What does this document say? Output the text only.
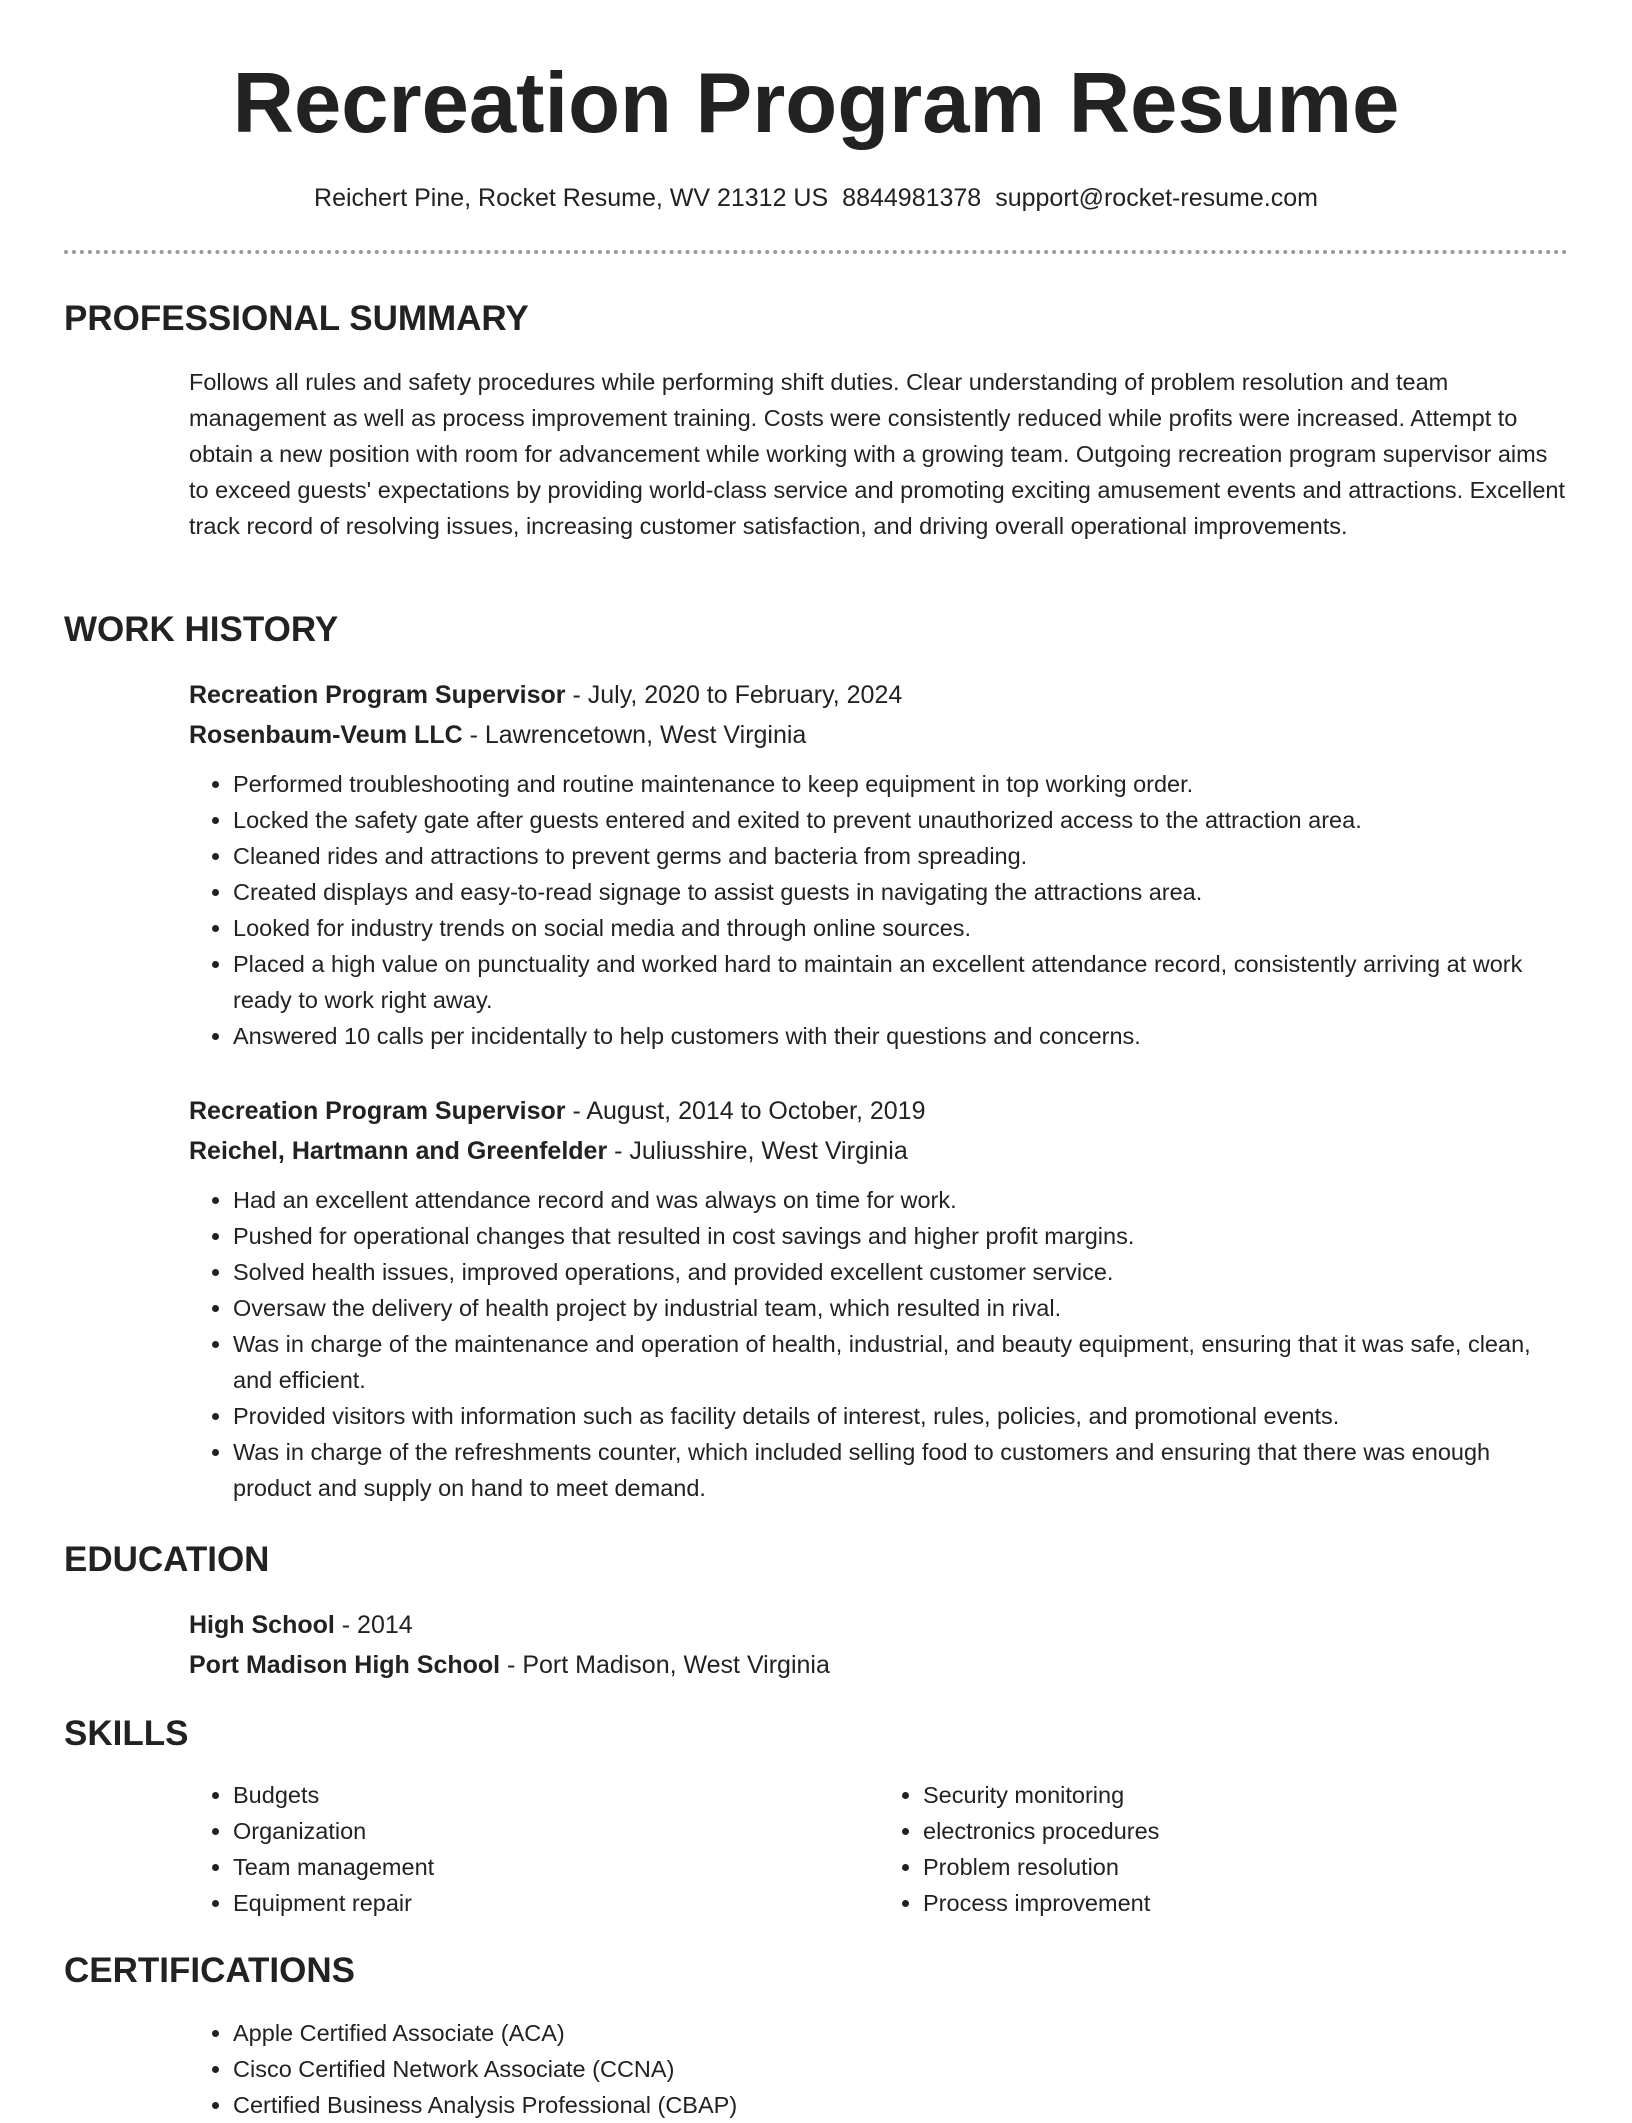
Recreation Program Resume
Reichert Pine, Rocket Resume, WV 21312 US 8844981378 support@rocket-resume.com
PROFESSIONAL SUMMARY

Follows all rules and safety procedures while performing shift duties. Clear understanding of problem resolution and team management as well as process improvement training. Costs were consistently reduced while profits were increased. Attempt to obtain a new position with room for advancement while working with a growing team. Outgoing recreation program supervisor aims to exceed guests' expectations by providing world-class service and promoting exciting amusement events and attractions. Excellent track record of resolving issues, increasing customer satisfaction, and driving overall operational improvements.

WORK HISTORY

Recreation Program Supervisor - July, 2020 to February, 2024

Rosenbaum-Veum LLC - Lawrencetown, West Virginia

• Performed troubleshooting and routine maintenance to keep equipment in top working order.
• Locked the safety gate after guests entered and exited to prevent unauthorized access to the attraction area.
• Cleaned rides and attractions to prevent germs and bacteria from spreading.
• Created displays and easy-to-read signage to assist guests in navigating the attractions area.
• Looked for industry trends on social media and through online sources.
• Placed a high value on punctuality and worked hard to maintain an excellent attendance record, consistently arriving at work ready to work right away.
• Answered 10 calls per incidentally to help customers with their questions and concerns.

Recreation Program Supervisor - August, 2014 to October, 2019

Reichel, Hartmann and Greenfelder - Juliusshire, West Virginia

• Had an excellent attendance record and was always on time for work.
• Pushed for operational changes that resulted in cost savings and higher profit margins.
• Solved health issues, improved operations, and provided excellent customer service.
• Oversaw the delivery of health project by industrial team, which resulted in rival.
• Was in charge of the maintenance and operation of health, industrial, and beauty equipment, ensuring that it was safe, clean, and efficient.
• Provided visitors with information such as facility details of interest, rules, policies, and promotional events.
• Was in charge of the refreshments counter, which included selling food to customers and ensuring that there was enough product and supply on hand to meet demand.
EDUCATION

High School - 2014

Port Madison High School - Port Madison, West Virginia

SKILLS
• Budgets
• Organization
• Team management
• Equipment repair
• Security monitoring
• electronics procedures
• Problem resolution
• Process improvement
CERTIFICATIONS
• Apple Certified Associate (ACA)
• Cisco Certified Network Associate (CCNA)
• Certified Business Analysis Professional (CBAP)
